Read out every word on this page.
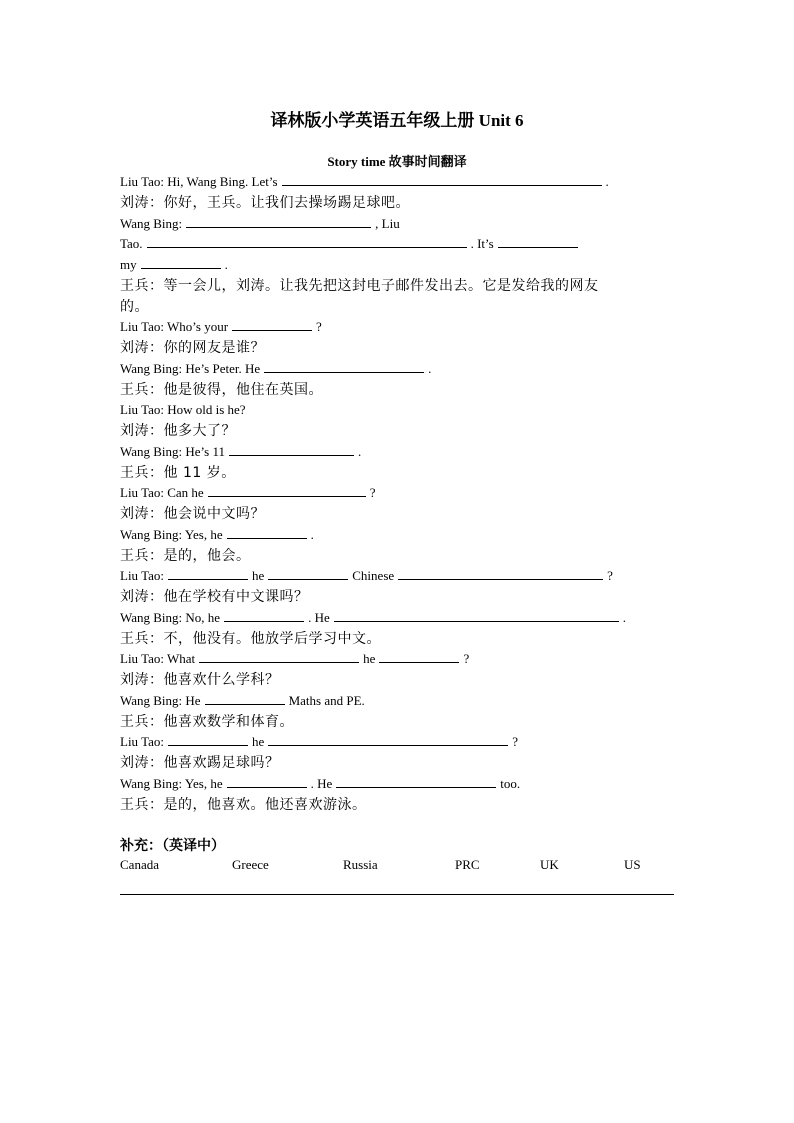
译林版小学英语五年级上册 Unit 6
Story time 故事时间翻译
Liu Tao: Hi, Wang Bing. Let’s	.
刘涛：你好，王兵。让我们去操场踢足球吧。
Wang Bing:	, Liu
Tao.	. It’s
my	.
王兵：等一会儿，刘涛。让我先把这封电子邮件发出去。它是发给我的网友
的。
Liu Tao: Who’s your	?
刘涛：你的网友是谁？
Wang Bing: He’s Peter. He	.
王兵：他是彼得，他住在英国。
Liu Tao: How old is he?
刘涛：他多大了？
Wang Bing: He’s 11	.
王兵：他 11 岁。
Liu Tao: Can he	?
刘涛：他会说中文吗？
Wang Bing: Yes, he	.
王兵：是的，他会。
Liu Tao:	he	Chinese	?
刘涛：他在学校有中文课吗？
Wang Bing: No, he	. He	.
王兵：不，他没有。他放学后学习中文。
Liu Tao: What	he	?
刘涛：他喜欢什么学科？
Wang Bing: He	Maths and PE.
王兵：他喜欢数学和体育。
Liu Tao:	he	?
刘涛：他喜欢踢足球吗？
Wang Bing: Yes, he	. He	too.
王兵：是的，他喜欢。他还喜欢游泳。
补充：（英译中）
Canada	Greece	Russia	PRC	UK	US
